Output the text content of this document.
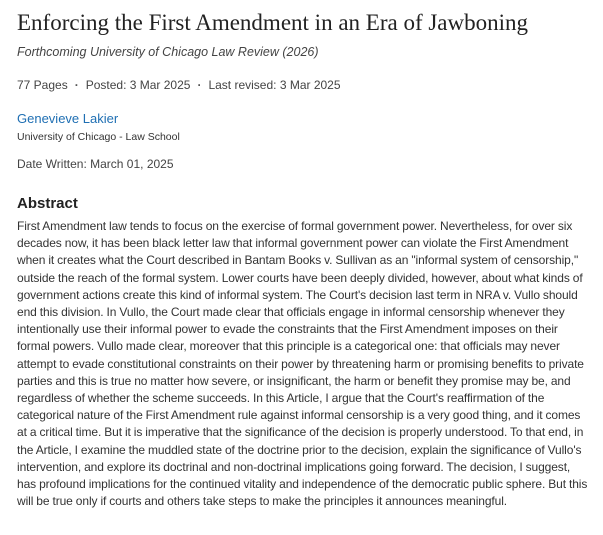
Enforcing the First Amendment in an Era of Jawboning
Forthcoming University of Chicago Law Review (2026)
77 Pages · Posted: 3 Mar 2025 · Last revised: 3 Mar 2025
Genevieve Lakier
University of Chicago - Law School
Date Written: March 01, 2025
Abstract
First Amendment law tends to focus on the exercise of formal government power. Nevertheless, for over six decades now, it has been black letter law that informal government power can violate the First Amendment when it creates what the Court described in Bantam Books v. Sullivan as an "informal system of censorship," outside the reach of the formal system. Lower courts have been deeply divided, however, about what kinds of government actions create this kind of informal system. The Court's decision last term in NRA v. Vullo should end this division. In Vullo, the Court made clear that officials engage in informal censorship whenever they intentionally use their informal power to evade the constraints that the First Amendment imposes on their formal powers. Vullo made clear, moreover that this principle is a categorical one: that officials may never attempt to evade constitutional constraints on their power by threatening harm or promising benefits to private parties and this is true no matter how severe, or insignificant, the harm or benefit they promise may be, and regardless of whether the scheme succeeds. In this Article, I argue that the Court's reaffirmation of the categorical nature of the First Amendment rule against informal censorship is a very good thing, and it comes at a critical time. But it is imperative that the significance of the decision is properly understood. To that end, in the Article, I examine the muddled state of the doctrine prior to the decision, explain the significance of Vullo's intervention, and explore its doctrinal and non-doctrinal implications going forward. The decision, I suggest, has profound implications for the continued vitality and independence of the democratic public sphere. But this will be true only if courts and others take steps to make the principles it announces meaningful.
